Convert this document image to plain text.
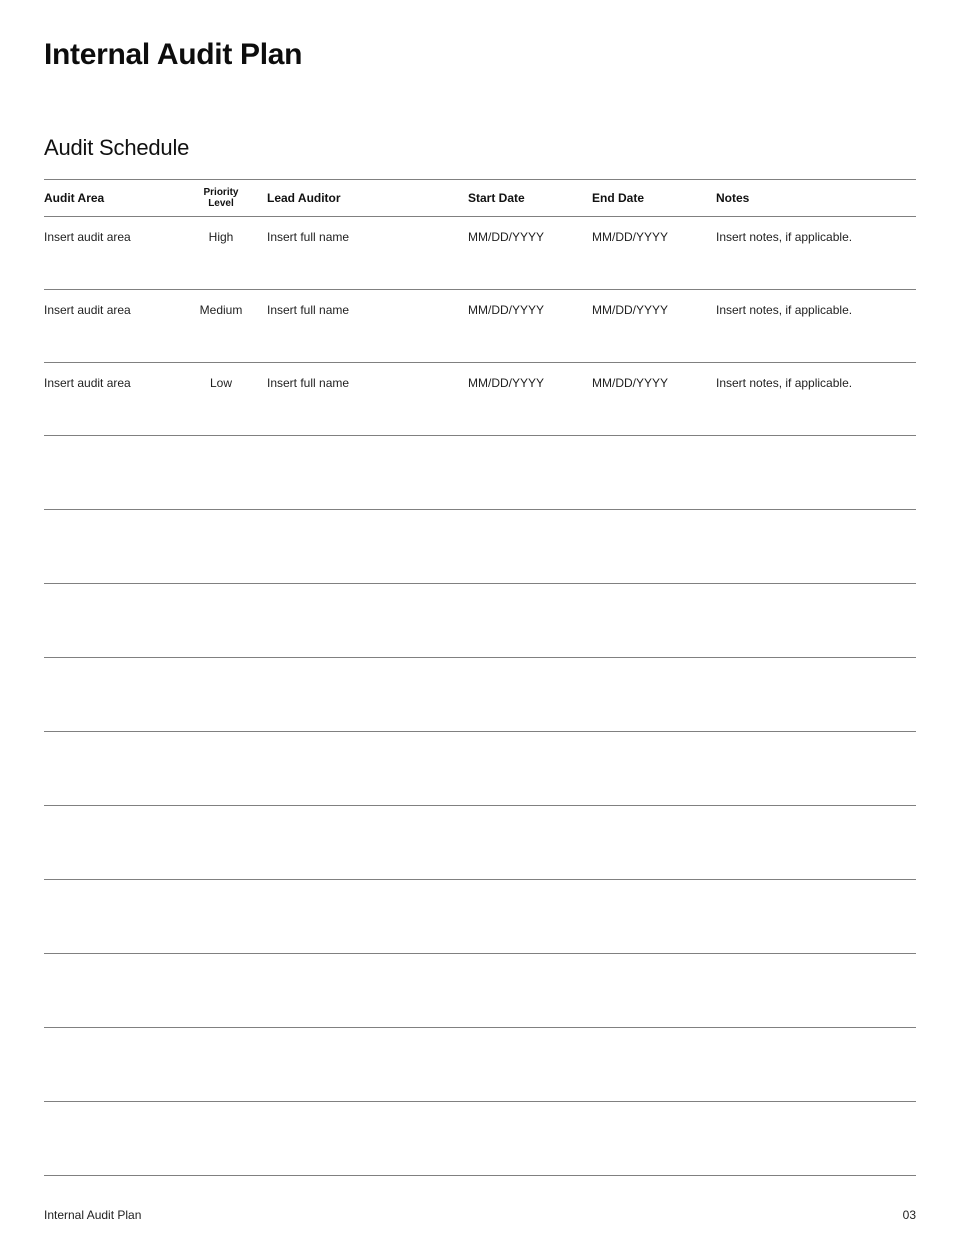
Internal Audit Plan
Audit Schedule
Audit Area	Priority Level	Lead Auditor	Start Date	End Date	Notes
Insert audit area	High	Insert full name	MM/DD/YYYY	MM/DD/YYYY	Insert notes, if applicable.
Insert audit area	Medium	Insert full name	MM/DD/YYYY	MM/DD/YYYY	Insert notes, if applicable.
Insert audit area	Low	Insert full name	MM/DD/YYYY	MM/DD/YYYY	Insert notes, if applicable.
Internal Audit Plan	03
